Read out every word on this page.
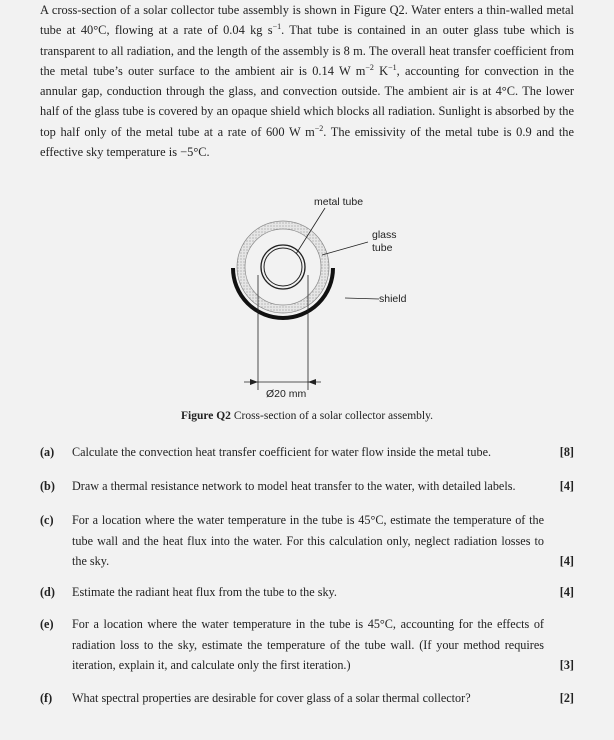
A cross-section of a solar collector tube assembly is shown in Figure Q2. Water enters a thin-walled metal tube at 40°C, flowing at a rate of 0.04 kg $s^{-1}$. That tube is contained in an outer glass tube which is transparent to all radiation, and the length of the assembly is 8 m. The overall heat transfer coefficient from the metal tube’s outer surface to the ambient air is 0.14 W $m^{-2}$ $K^{-1}$, accounting for convection in the annular gap, conduction through the glass, and convection outside. The ambient air is at 4°C. The lower half of the glass tube is covered by an opaque shield which blocks all radiation. Sunlight is absorbed by the top half only of the metal tube at a rate of 600 W $m^{-2}$. The emissivity of the metal tube is 0.9 and the effective sky temperature is −5°C.
metal tube
glass
tube
shield
Ø20 mm
Figure Q2 Cross-section of a solar collector assembly.
(a)	Calculate the convection heat transfer coefficient for water flow inside the metal tube.	[8]
(b)	Draw a thermal resistance network to model heat transfer to the water, with detailed labels.	[4]
(c)	For a location where the water temperature in the tube is 45°C, estimate the temperature of the tube wall and the heat flux into the water. For this calculation only, neglect radiation losses to the sky.	[4]
(d)	Estimate the radiant heat flux from the tube to the sky.	[4]
(e)	For a location where the water temperature in the tube is 45°C, accounting for the effects of radiation loss to the sky, estimate the temperature of the tube wall. (If your method requires iteration, explain it, and calculate only the first iteration.)	[3]
(f)	What spectral properties are desirable for cover glass of a solar thermal collector?	[2]
